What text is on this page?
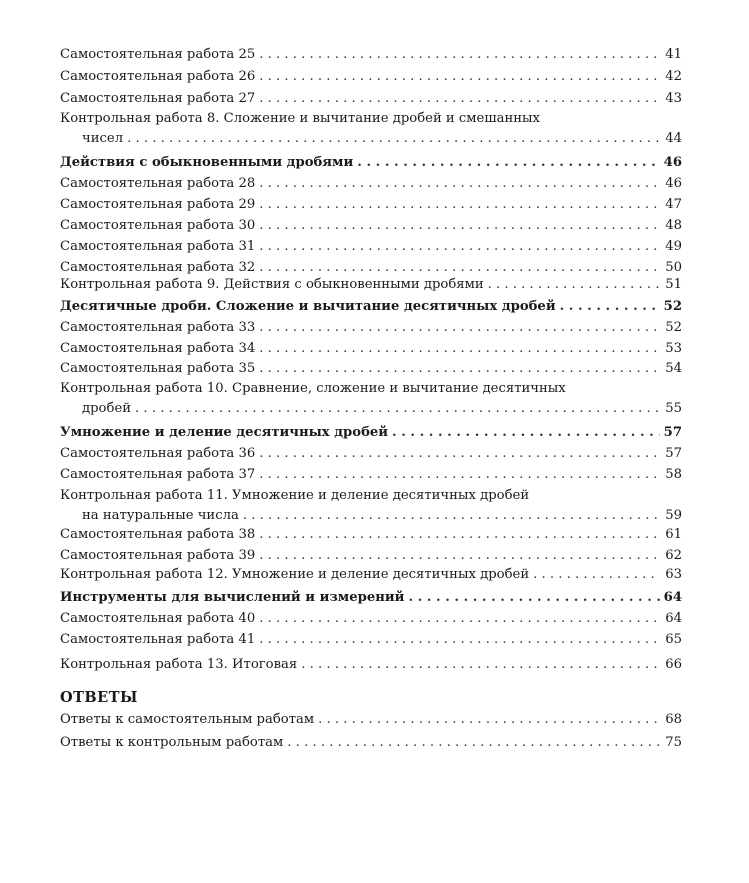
Самостоятельная работа 25 . . .	41
Самостоятельная работа 26 . . .	42
Самостоятельная работа 27 . . .	43
Контрольная работа 8. Сложение и вычитание дробей и смешанных
чисел . . .	44
Действия с обыкновенными дробями . . .	46
Самостоятельная работа 28 . . .	46
Самостоятельная работа 29 . . .	47
Самостоятельная работа 30 . . .	48
Самостоятельная работа 31 . . .	49
Самостоятельная работа 32 . . .	50
Контрольная работа 9. Действия с обыкновенными дробями . . .	51
Десятичные дроби. Сложение и вычитание десятичных дробей . . .	52
Самостоятельная работа 33 . . .	52
Самостоятельная работа 34 . . .	53
Самостоятельная работа 35 . . .	54
Контрольная работа 10. Сравнение, сложение и вычитание десятичных
дробей . . .	55
Умножение и деление десятичных дробей . . .	57
Самостоятельная работа 36 . . .	57
Самостоятельная работа 37 . . .	58
Контрольная работа 11. Умножение и деление десятичных дробей
на натуральные числа . . .	59
Самостоятельная работа 38 . . .	61
Самостоятельная работа 39 . . .	62
Контрольная работа 12. Умножение и деление десятичных дробей . . .	63
Инструменты для вычислений и измерений . . .	64
Самостоятельная работа 40 . . .	64
Самостоятельная работа 41 . . .	65
Контрольная работа 13. Итоговая . . .	66
ОТВЕТЫ
Ответы к самостоятельным работам . . .	68
Ответы к контрольным работам . . .	75
